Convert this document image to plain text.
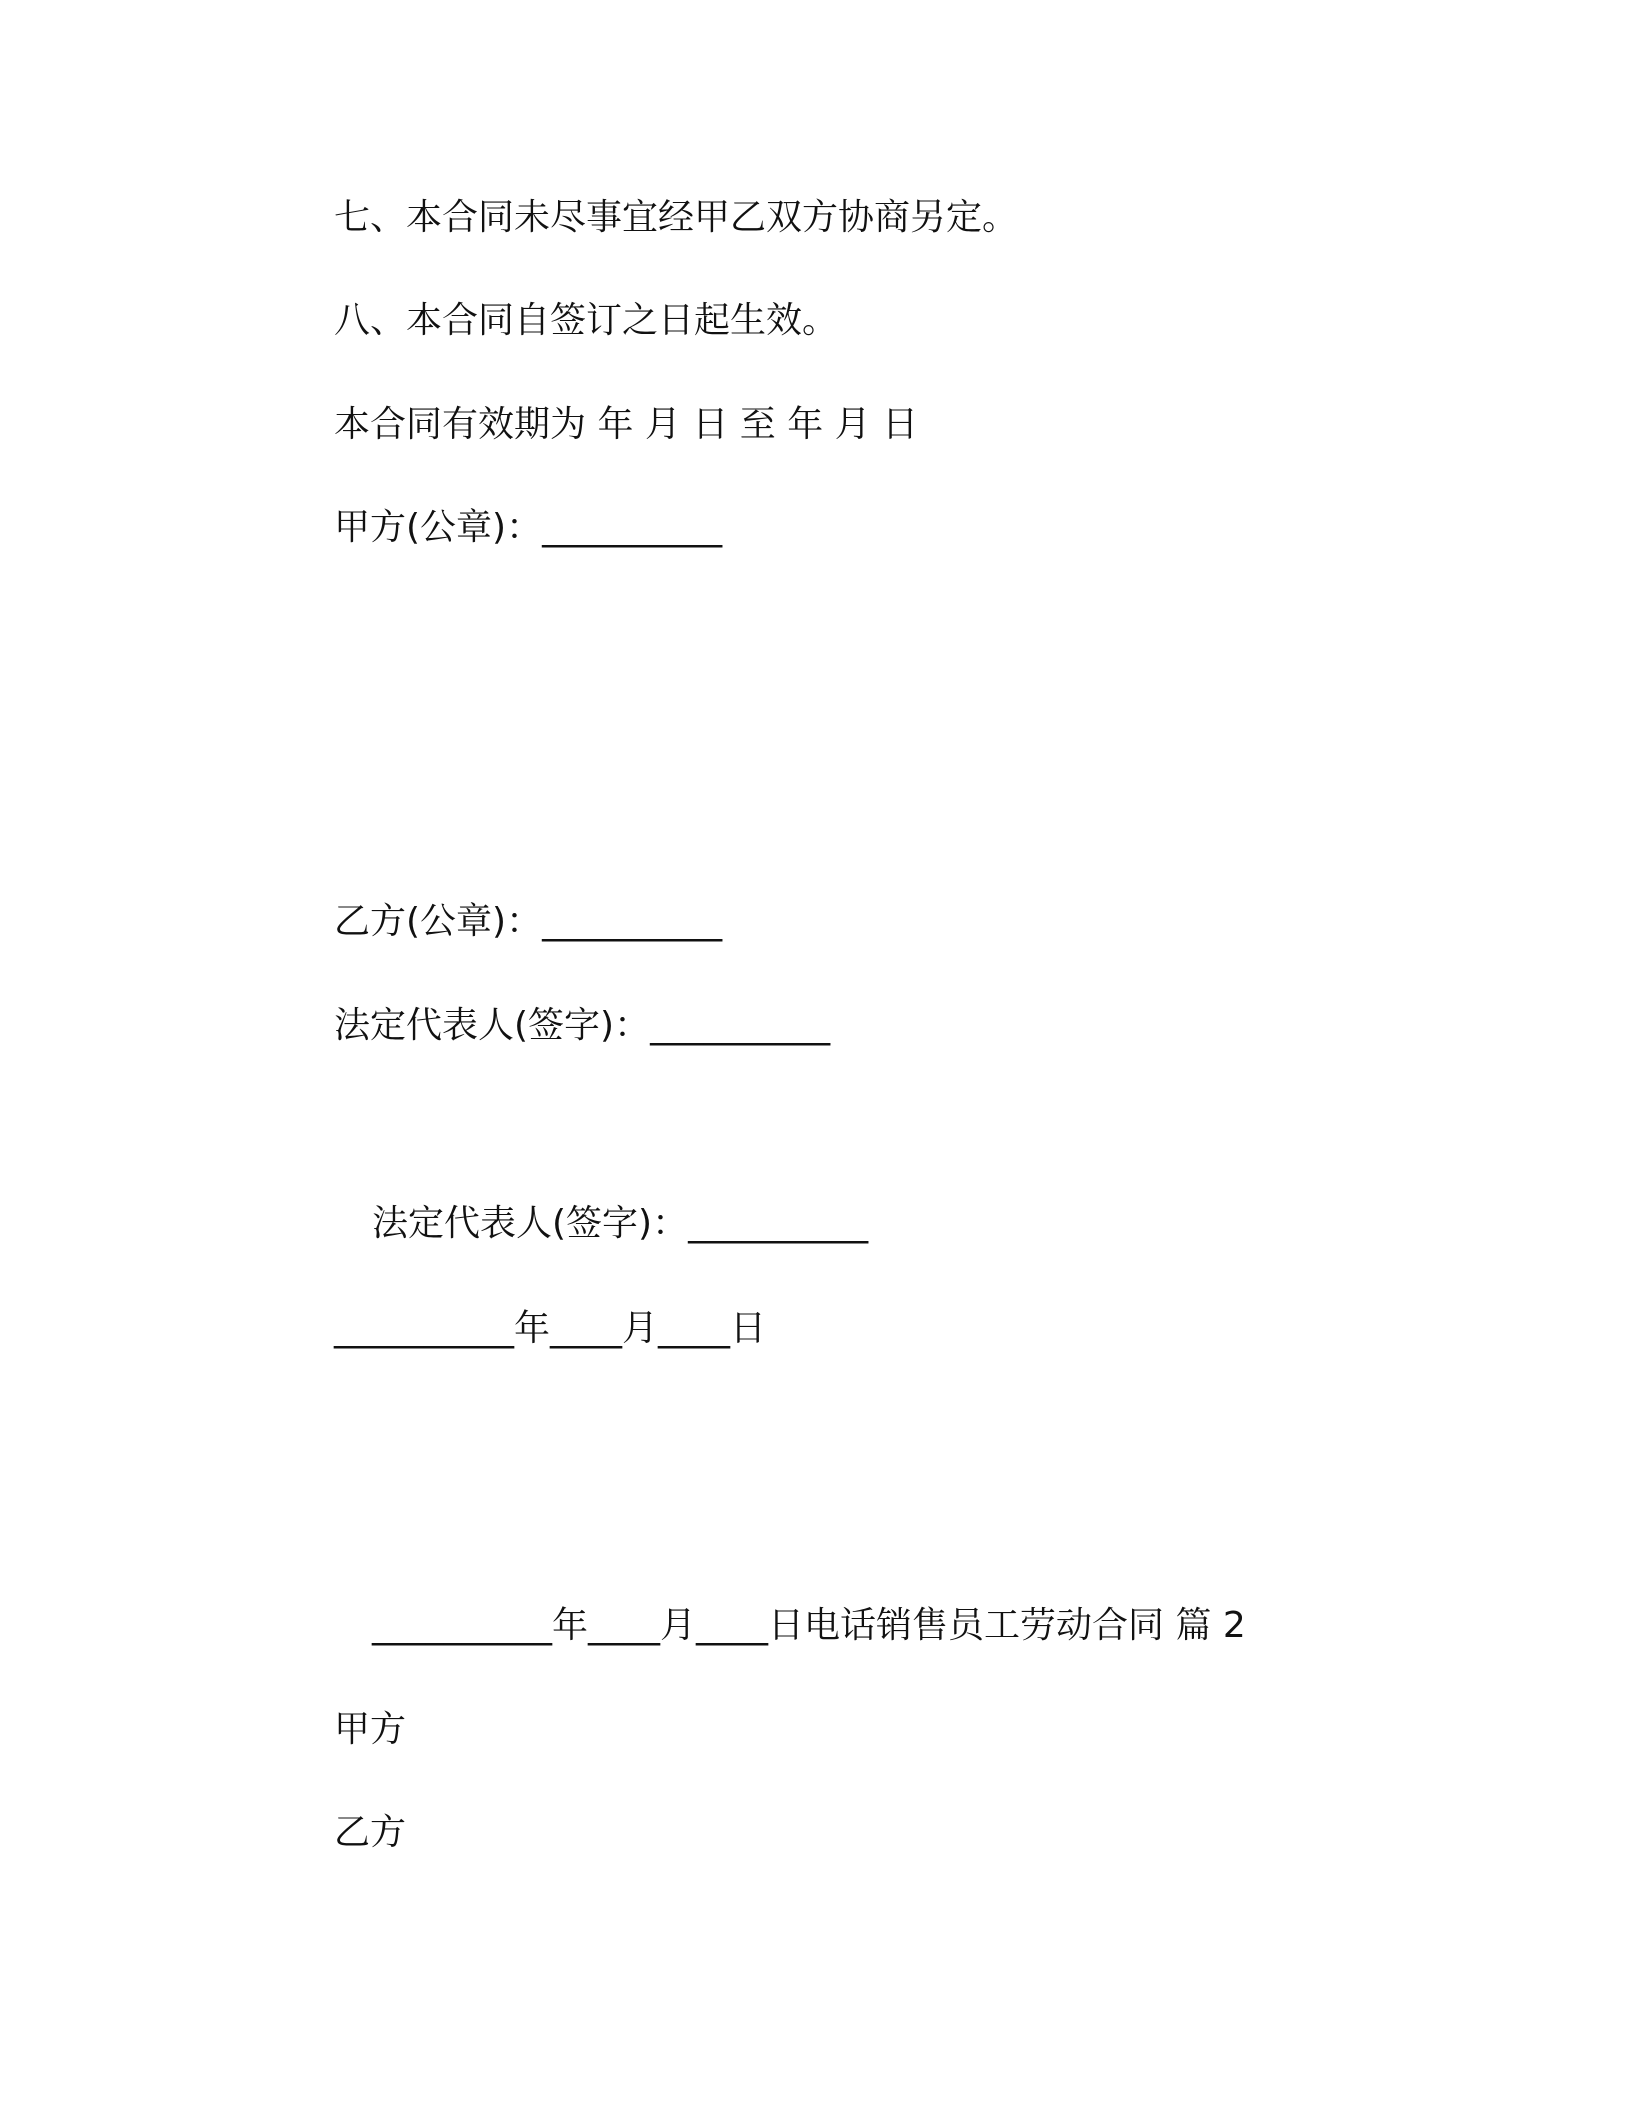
七、本合同未尽事宜经甲乙双方协商另定。
八、本合同自签订之日起生效。
本合同有效期为 年 月 日 至 年 月 日
甲方(公章)：__________
乙方(公章)：__________
法定代表人(签字)：__________
法定代表人(签字)：__________
__________年____月____日
__________年____月____日电话销售员工劳动合同 篇 2
甲方
乙方
